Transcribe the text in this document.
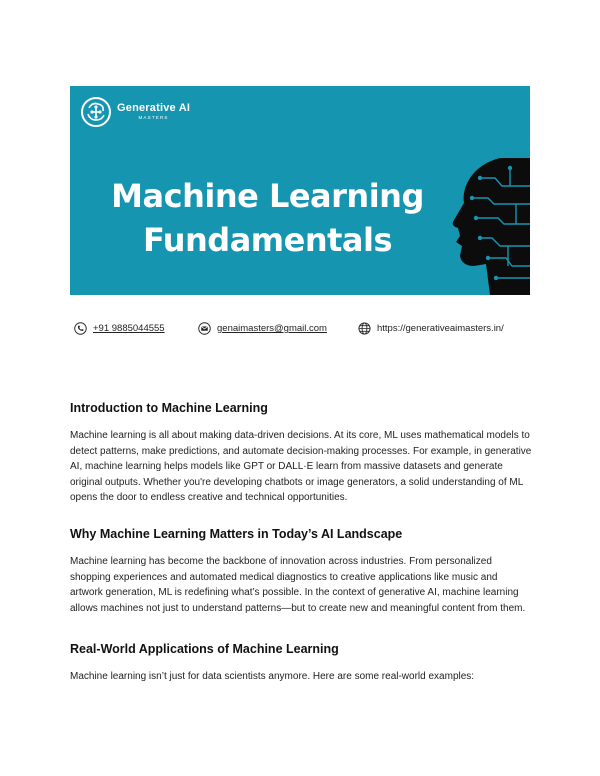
Generative AI
MASTERS
Machine Learning
Fundamentals
+91 9885044555	genaimasters@gmail.com	https://generativeaimasters.in/
Introduction to Machine Learning

Machine learning is all about making data-driven decisions. At its core, ML uses mathematical models to detect patterns, make predictions, and automate decision-making processes. For example, in generative AI, machine learning helps models like GPT or DALL·E learn from massive datasets and generate original outputs. Whether you're developing chatbots or image generators, a solid understanding of ML opens the door to endless creative and technical opportunities.

Why Machine Learning Matters in Today’s AI Landscape

Machine learning has become the backbone of innovation across industries. From personalized shopping experiences and automated medical diagnostics to creative applications like music and artwork generation, ML is redefining what’s possible. In the context of generative AI, machine learning allows machines not just to understand patterns—but to create new and meaningful content from them.

Real-World Applications of Machine Learning

Machine learning isn’t just for data scientists anymore. Here are some real-world examples:
